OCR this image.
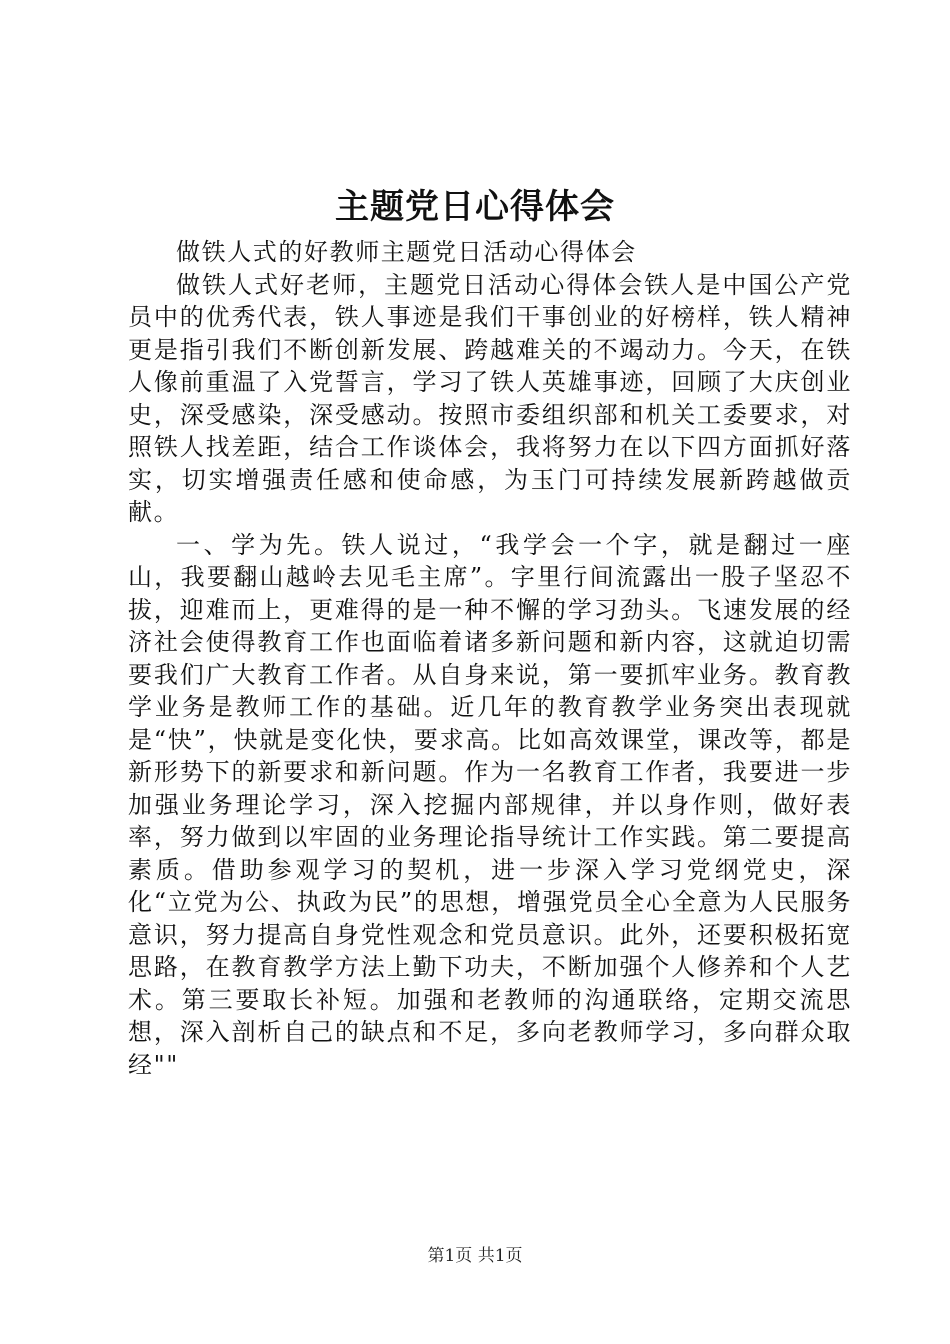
主题党日心得体会

做铁人式的好教师主题党日活动心得体会

做铁人式好老师，主题党日活动心得体会铁人是中国公产党员中的优秀代表，铁人事迹是我们干事创业的好榜样，铁人精神更是指引我们不断创新发展、跨越难关的不竭动力。今天，在铁人像前重温了入党誓言，学习了铁人英雄事迹，回顾了大庆创业史，深受感染，深受感动。按照市委组织部和机关工委要求，对照铁人找差距，结合工作谈体会，我将努力在以下四方面抓好落实，切实增强责任感和使命感，为玉门可持续发展新跨越做贡献。

一、学为先。铁人说过，“我学会一个字，就是翻过一座山，我要翻山越岭去见毛主席”。字里行间流露出一股子坚忍不拔，迎难而上，更难得的是一种不懈的学习劲头。飞速发展的经济社会使得教育工作也面临着诸多新问题和新内容，这就迫切需要我们广大教育工作者。从自身来说，第一要抓牢业务。教育教学业务是教师工作的基础。近几年的教育教学业务突出表现就是“快”，快就是变化快，要求高。比如高效课堂，课改等，都是新形势下的新要求和新问题。作为一名教育工作者，我要进一步加强业务理论学习，深入挖掘内部规律，并以身作则，做好表率，努力做到以牢固的业务理论指导统计工作实践。第二要提高素质。借助参观学习的契机，进一步深入学习党纲党史，深化“立党为公、执政为民”的思想，增强党员全心全意为人民服务意识，努力提高自身党性观念和党员意识。此外，还要积极拓宽思路，在教育教学方法上勤下功夫，不断加强个人修养和个人艺术。第三要取长补短。加强和老教师的沟通联络，定期交流思想，深入剖析自己的缺点和不足，多向老教师学习，多向群众取经""

第1页 共1页
